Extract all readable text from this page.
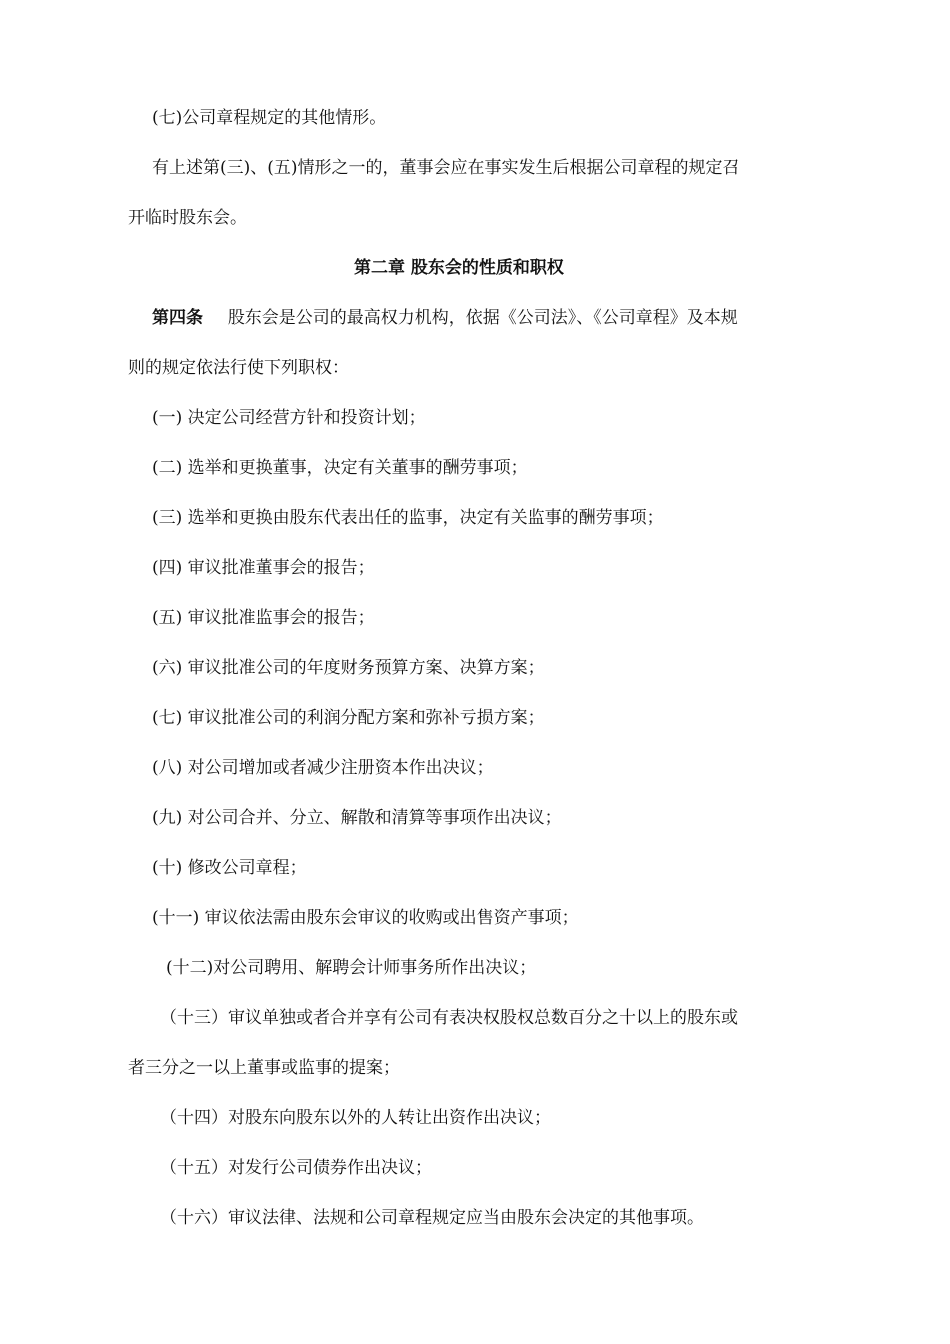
(七)公司章程规定的其他情形。
有上述第(三)、(五)情形之一的，董事会应在事实发生后根据公司章程的规定召
开临时股东会。
第二章 股东会的性质和职权
第四条 股东会是公司的最高权力机构，依据《公司法》、《公司章程》及本规
则的规定依法行使下列职权：
(一) 决定公司经营方针和投资计划；
(二) 选举和更换董事，决定有关董事的酬劳事项；
(三) 选举和更换由股东代表出任的监事，决定有关监事的酬劳事项；
(四) 审议批准董事会的报告；
(五) 审议批准监事会的报告；
(六) 审议批准公司的年度财务预算方案、决算方案；
(七) 审议批准公司的利润分配方案和弥补亏损方案；
(八) 对公司增加或者减少注册资本作出决议；
(九) 对公司合并、分立、解散和清算等事项作出决议；
(十) 修改公司章程；
(十一) 审议依法需由股东会审议的收购或出售资产事项；
(十二)对公司聘用、解聘会计师事务所作出决议；
（十三）审议单独或者合并享有公司有表决权股权总数百分之十以上的股东或
者三分之一以上董事或监事的提案；
（十四）对股东向股东以外的人转让出资作出决议；
（十五）对发行公司债券作出决议；
（十六）审议法律、法规和公司章程规定应当由股东会决定的其他事项。
